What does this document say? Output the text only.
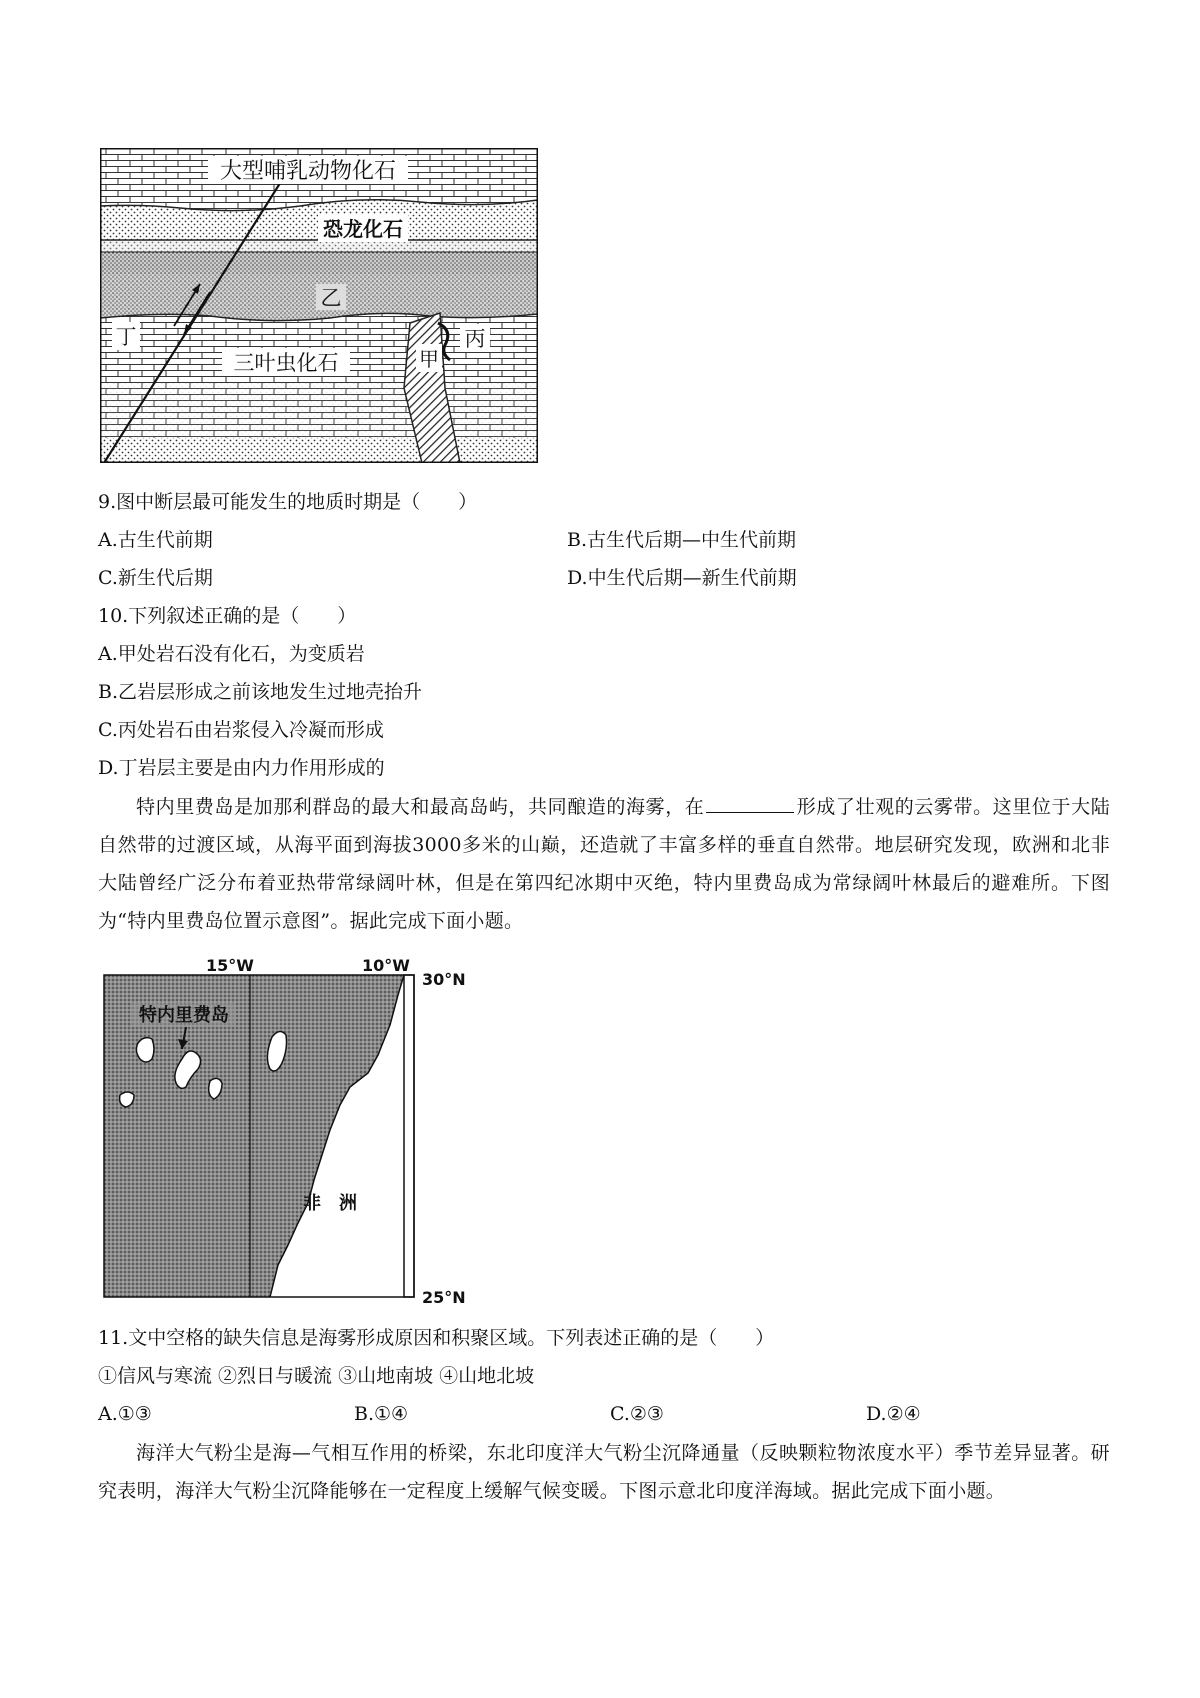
大型哺乳动物化石
恐龙化石
乙
丁
三叶虫化石	甲
丙
9.图中断层最可能发生的地质时期是（　　）
A.古生代前期	B.古生代后期—中生代前期
C.新生代后期	D.中生代后期—新生代前期
10.下列叙述正确的是（　　）
A.甲处岩石没有化石，为变质岩
B.乙岩层形成之前该地发生过地壳抬升
C.丙处岩石由岩浆侵入冷凝而形成
D.丁岩层主要是由内力作用形成的
特内里费岛是加那利群岛的最大和最高岛屿，共同酿造的海雾，在	形成了壮观的云雾带。这里位于大陆自然带的过渡区域，从海平面到海拔3000多米的山巅，还造就了丰富多样的垂直自然带。地层研究发现，欧洲和北非大陆曾经广泛分布着亚热带常绿阔叶林，但是在第四纪冰期中灭绝，特内里费岛成为常绿阔叶林最后的避难所。下图为“特内里费岛位置示意图”。据此完成下面小题。
特内里费岛
非　洲
15°W	10°W
30°N
25°N
11.文中空格的缺失信息是海雾形成原因和积聚区域。下列表述正确的是（　　）
①信风与寒流 ②烈日与暖流 ③山地南坡 ④山地北坡
A.①③	B.①④	C.②③	D.②④
海洋大气粉尘是海—气相互作用的桥梁，东北印度洋大气粉尘沉降通量（反映颗粒物浓度水平）季节差异显著。研究表明，海洋大气粉尘沉降能够在一定程度上缓解气候变暖。下图示意北印度洋海域。据此完成下面小题。
